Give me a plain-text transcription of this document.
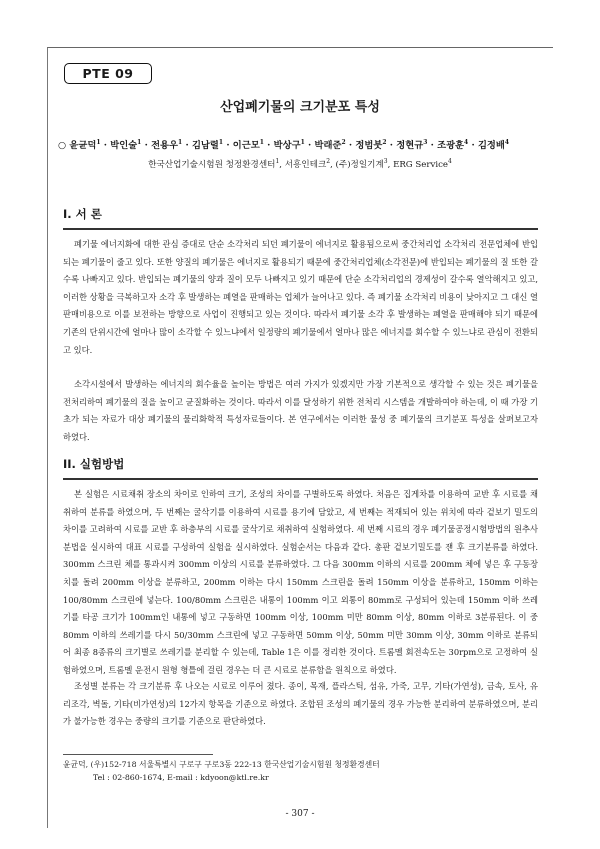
PTE 09
산업폐기물의 크기분포 특성
○ 윤균덕$^1$ · 박인술$^1$ · 전용우$^1$ · 김남렬$^1$ · 이근모$^1$ · 박상구$^1$ · 박래준$^2$ · 정범붓$^2$ · 정현규$^3$ · 조광훈$^4$ · 김정배$^4$
한국산업기술시험원 청정환경센터$^1$, 서흥인테크$^2$, (주)정일기계$^3$, ERG Service$^4$
I. 서 론

폐기물 에너지화에 대한 관심 증대로 단순 소각처리 되던 폐기물이 에너지로 활용됨으로써 중간처리업 소각처리 전문업체에 반입되는 폐기물이 줄고 있다. 또한 양질의 폐기물은 에너지로 활용되기 때문에 중간처리업체(소각전문)에 반입되는 폐기물의 질 또한 갈수록 나빠지고 있다. 반입되는 폐기물의 양과 질이 모두 나빠지고 있기 때문에 단순 소각처리업의 경제성이 갈수록 열악해지고 있고, 이러한 상황을 극복하고자 소각 후 발생하는 폐열을 판매하는 업체가 늘어나고 있다. 즉 폐기물 소각처리 비용이 낮아지고 그 대신 열판매비용으로 이를 보전하는 방향으로 사업이 진행되고 있는 것이다. 따라서 폐기물 소각 후 발생하는 폐열을 판매해야 되기 때문에 기존의 단위시간에 얼마나 많이 소각할 수 있느냐에서 일정량의 폐기물에서 얼마나 많은 에너지를 회수할 수 있느냐로 관심이 전환되고 있다.

소각시설에서 발생하는 에너지의 회수율을 높이는 방법은 여러 가지가 있겠지만 가장 기본적으로 생각할 수 있는 것은 폐기물을 전처리하여 폐기물의 질을 높이고 균질화하는 것이다. 따라서 이를 달성하기 위한 전처리 시스템을 개발하여야 하는데, 이 때 가장 기초가 되는 자료가 대상 폐기물의 물리화학적 특성자료들이다. 본 연구에서는 이러한 물성 중 폐기물의 크기분포 특성을 살펴보고자 하였다.

II. 실험방법

본 실험은 시료채취 장소의 차이로 인하여 크기, 조성의 차이를 구별하도록 하였다. 처음은 집게차를 이용하여 교반 후 시료를 채취하여 분류를 하였으며, 두 번째는 굴삭기를 이용하여 시료를 용기에 담았고, 세 번째는 적재되어 있는 위치에 따라 겉보기 밀도의 차이를 고려하여 시료를 교반 후 하층부의 시료를 굴삭기로 채취하여 실험하였다. 세 번째 시료의 경우 폐기물공정시험방법의 원추사분법을 실시하여 대표 시료를 구성하여 실험을 실시하였다. 실험순서는 다음과 같다. 총판 겉보기밀도를 잰 후 크기분류를 하였다. 300mm 스크린 체를 통과시켜 300mm 이상의 시료를 분류하였다. 그 다음 300mm 이하의 시료를 200mm 체에 넣은 후 구동장치를 돌려 200mm 이상을 분류하고, 200mm 이하는 다시 150mm 스크린을 돌려 150mm 이상을 분류하고, 150mm 이하는 100/80mm 스크린에 넣는다. 100/80mm 스크린은 내통이 100mm 이고 외통이 80mm로 구성되어 있는데 150mm 이하 쓰레기를 타공 크기가 100mm인 내통에 넣고 구동하면 100mm 이상, 100mm 미만 80mm 이상, 80mm 이하로 3분류된다. 이 중 80mm 이하의 쓰레기를 다시 50/30mm 스크린에 넣고 구동하면 50mm 이상, 50mm 미만 30mm 이상, 30mm 이하로 분류되어 최종 8종류의 크기별로 쓰레기를 분리할 수 있는데, Table 1은 이를 정리한 것이다. 트롬멜 회전속도는 30rpm으로 고정하여 실험하였으며, 트롬멜 운전시 원형 형틀에 걸린 경우는 더 큰 시료로 분류함을 원칙으로 하였다.

조성별 분류는 각 크기분류 후 나오는 시료로 이루어 졌다. 종이, 목재, 플라스틱, 섬유, 가죽, 고무, 기타(가연성), 금속, 토사, 유리조각, 벽돌, 기타(비가연성)의 12가지 항목을 기준으로 하였다. 조합된 조성의 폐기물의 경우 가능한 분리하여 분류하였으며, 분리가 불가능한 경우는 중량의 크기를 기준으로 판단하였다.

윤균덕, (우)152-718 서울특별시 구로구 구로3동 222-13 한국산업기술시험원 청정환경센터
Tel : 02-860-1674, E-mail : kdyoon@ktl.re.kr
- 307 -
